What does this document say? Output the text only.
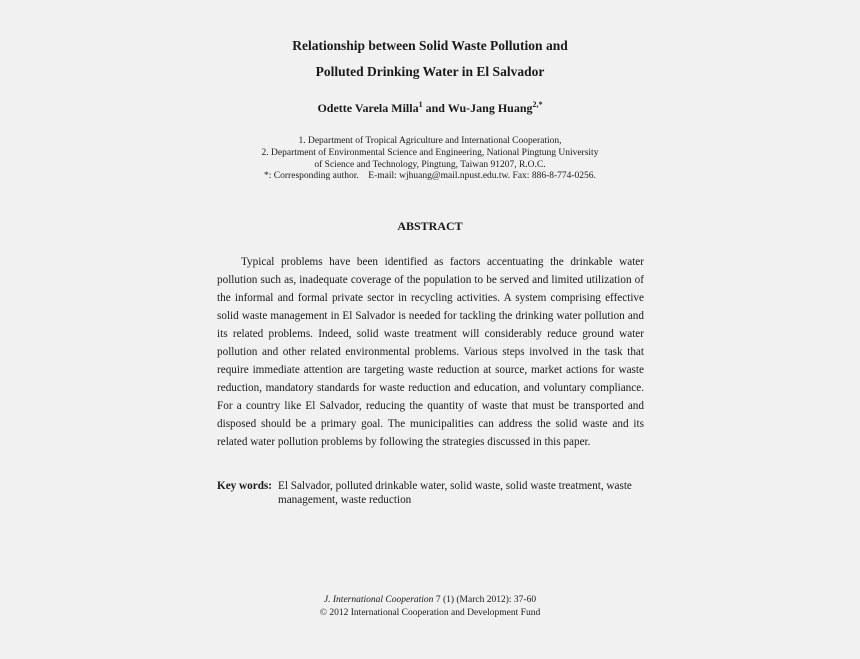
Relationship between Solid Waste Pollution and
Polluted Drinking Water in El Salvador
Odette Varela Milla$^1$ and Wu-Jang Huang$^{2,*}$
1. Department of Tropical Agriculture and International Cooperation,
2. Department of Environmental Science and Engineering, National Pingtung University
of Science and Technology, Pingtung, Taiwan 91207, R.O.C.
*: Corresponding author.    E-mail: wjhuang@mail.npust.edu.tw. Fax: 886-8-774-0256.
ABSTRACT

Typical problems have been identified as factors accentuating the drinkable water pollution such as, inadequate coverage of the population to be served and limited utilization of the informal and formal private sector in recycling activities. A system comprising effective solid waste management in El Salvador is needed for tackling the drinking water pollution and its related problems. Indeed, solid waste treatment will considerably reduce ground water pollution and other related environmental problems. Various steps involved in the task that require immediate attention are targeting waste reduction at source, market actions for waste reduction, mandatory standards for waste reduction and education, and voluntary compliance. For a country like El Salvador, reducing the quantity of waste that must be transported and disposed should be a primary goal. The municipalities can address the solid waste and its related water pollution problems by following the strategies discussed in this paper.

Key words: El Salvador, polluted drinkable water, solid waste, solid waste treatment, waste management, waste reduction
J. International Cooperation 7 (1) (March 2012): 37-60
© 2012 International Cooperation and Development Fund
